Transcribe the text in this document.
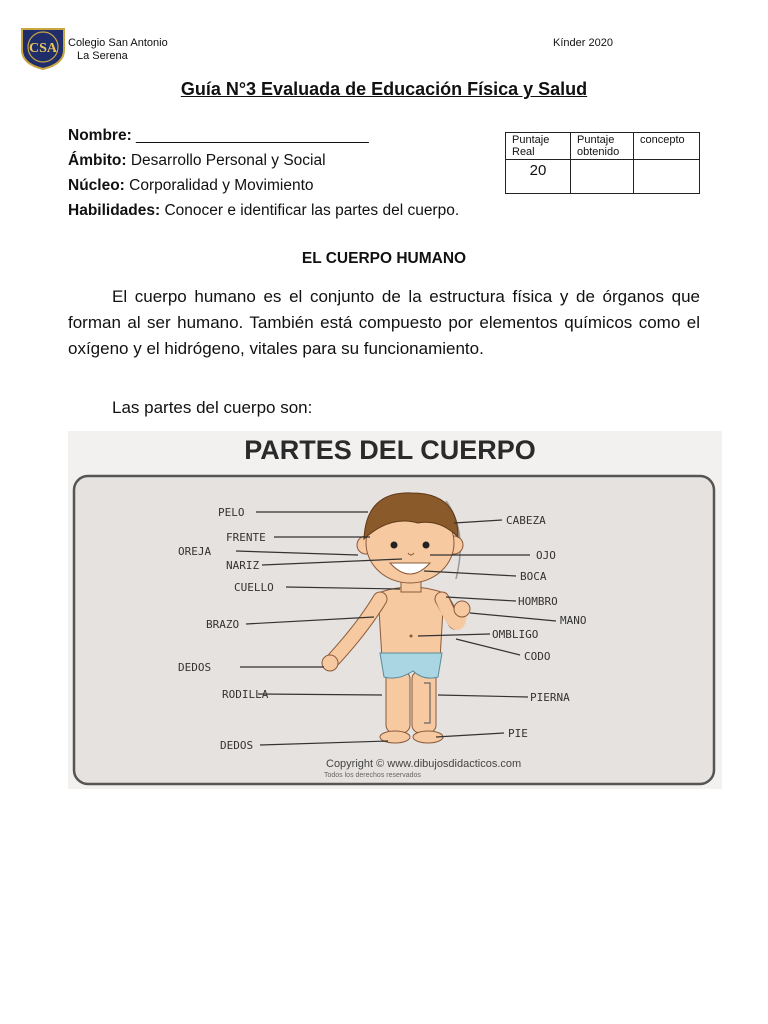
CSA Colegio San Antonio
La Serena
Kínder 2020
Guía N°3 Evaluada de Educación Física y Salud
Nombre: ___________________________
Ámbito: Desarrollo Personal y Social
Núcleo: Corporalidad y Movimiento
Habilidades: Conocer e identificar las partes del cuerpo.
Puntaje Real	Puntaje obtenido	concepto
20		
EL CUERPO HUMANO
El cuerpo humano es el conjunto de la estructura física y de órganos que forman al ser humano. También está compuesto por elementos químicos como el oxígeno y el hidrógeno, vitales para su funcionamiento.
Las partes del cuerpo son:
PARTES DEL CUERPO
PELO
FRENTE
OREJA
NARIZ
CUELLO
BRAZO
DEDOS
RODILLA
DEDOS
CABEZA
OJO
BOCA
HOMBRO
MANO
OMBLIGO
CODO
PIERNA
PIE
Copyright © www.dibujosdidacticos.com
Todos los derechos reservados
